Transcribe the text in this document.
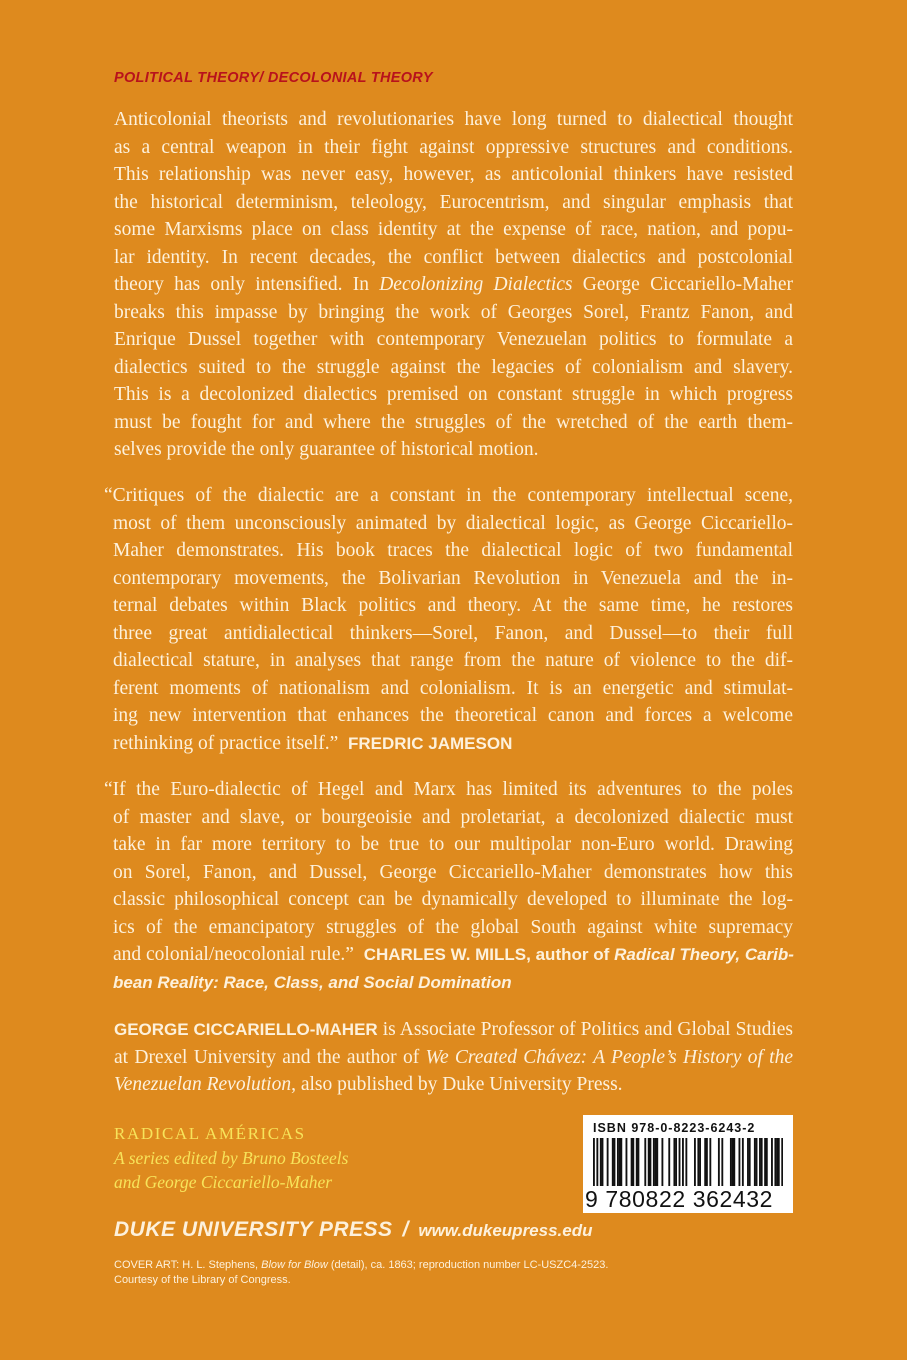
POLITICAL THEORY/ DECOLONIAL THEORY
Anticolonial theorists and revolutionaries have long turned to dialectical thought
as a central weapon in their fight against oppressive structures and conditions.
This relationship was never easy, however, as anticolonial thinkers have resisted
the historical determinism, teleology, Eurocentrism, and singular emphasis that
some Marxisms place on class identity at the expense of race, nation, and popu-
lar identity. In recent decades, the conflict between dialectics and postcolonial
theory has only intensified. In Decolonizing Dialectics George Ciccariello-Maher
breaks this impasse by bringing the work of Georges Sorel, Frantz Fanon, and
Enrique Dussel together with contemporary Venezuelan politics to formulate a
dialectics suited to the struggle against the legacies of colonialism and slavery.
This is a decolonized dialectics premised on constant struggle in which progress
must be fought for and where the struggles of the wretched of the earth them-
selves provide the only guarantee of historical motion.
“Critiques of the dialectic are a constant in the contemporary intellectual scene,
most of them unconsciously animated by dialectical logic, as George Ciccariello-
Maher demonstrates. His book traces the dialectical logic of two fundamental
contemporary movements, the Bolivarian Revolution in Venezuela and the in-
ternal debates within Black politics and theory. At the same time, he restores
three great antidialectical thinkers—Sorel, Fanon, and Dussel—to their full
dialectical stature, in analyses that range from the nature of violence to the dif-
ferent moments of nationalism and colonialism. It is an energetic and stimulat-
ing new intervention that enhances the theoretical canon and forces a welcome
rethinking of practice itself.” FREDRIC JAMESON
“If the Euro-dialectic of Hegel and Marx has limited its adventures to the poles
of master and slave, or bourgeoisie and proletariat, a decolonized dialectic must
take in far more territory to be true to our multipolar non-Euro world. Drawing
on Sorel, Fanon, and Dussel, George Ciccariello-Maher demonstrates how this
classic philosophical concept can be dynamically developed to illuminate the log-
ics of the emancipatory struggles of the global South against white supremacy
and colonial/neocolonial rule.” CHARLES W. MILLS, author of Radical Theory, Carib-
bean Reality: Race, Class, and Social Domination
GEORGE CICCARIELLO-MAHER is Associate Professor of Politics and Global Studies
at Drexel University and the author of We Created Chávez: A People’s History of the
Venezuelan Revolution, also published by Duke University Press.
RADICAL AMÉRICAS
A series edited by Bruno Bosteels
and George Ciccariello-Maher
ISBN 978-0-8223-6243-2
9 780822 362432
DUKE UNIVERSITY PRESS / www.dukeupress.edu
COVER ART: H. L. Stephens, Blow for Blow (detail), ca. 1863; reproduction number LC-USZC4-2523.
Courtesy of the Library of Congress.
